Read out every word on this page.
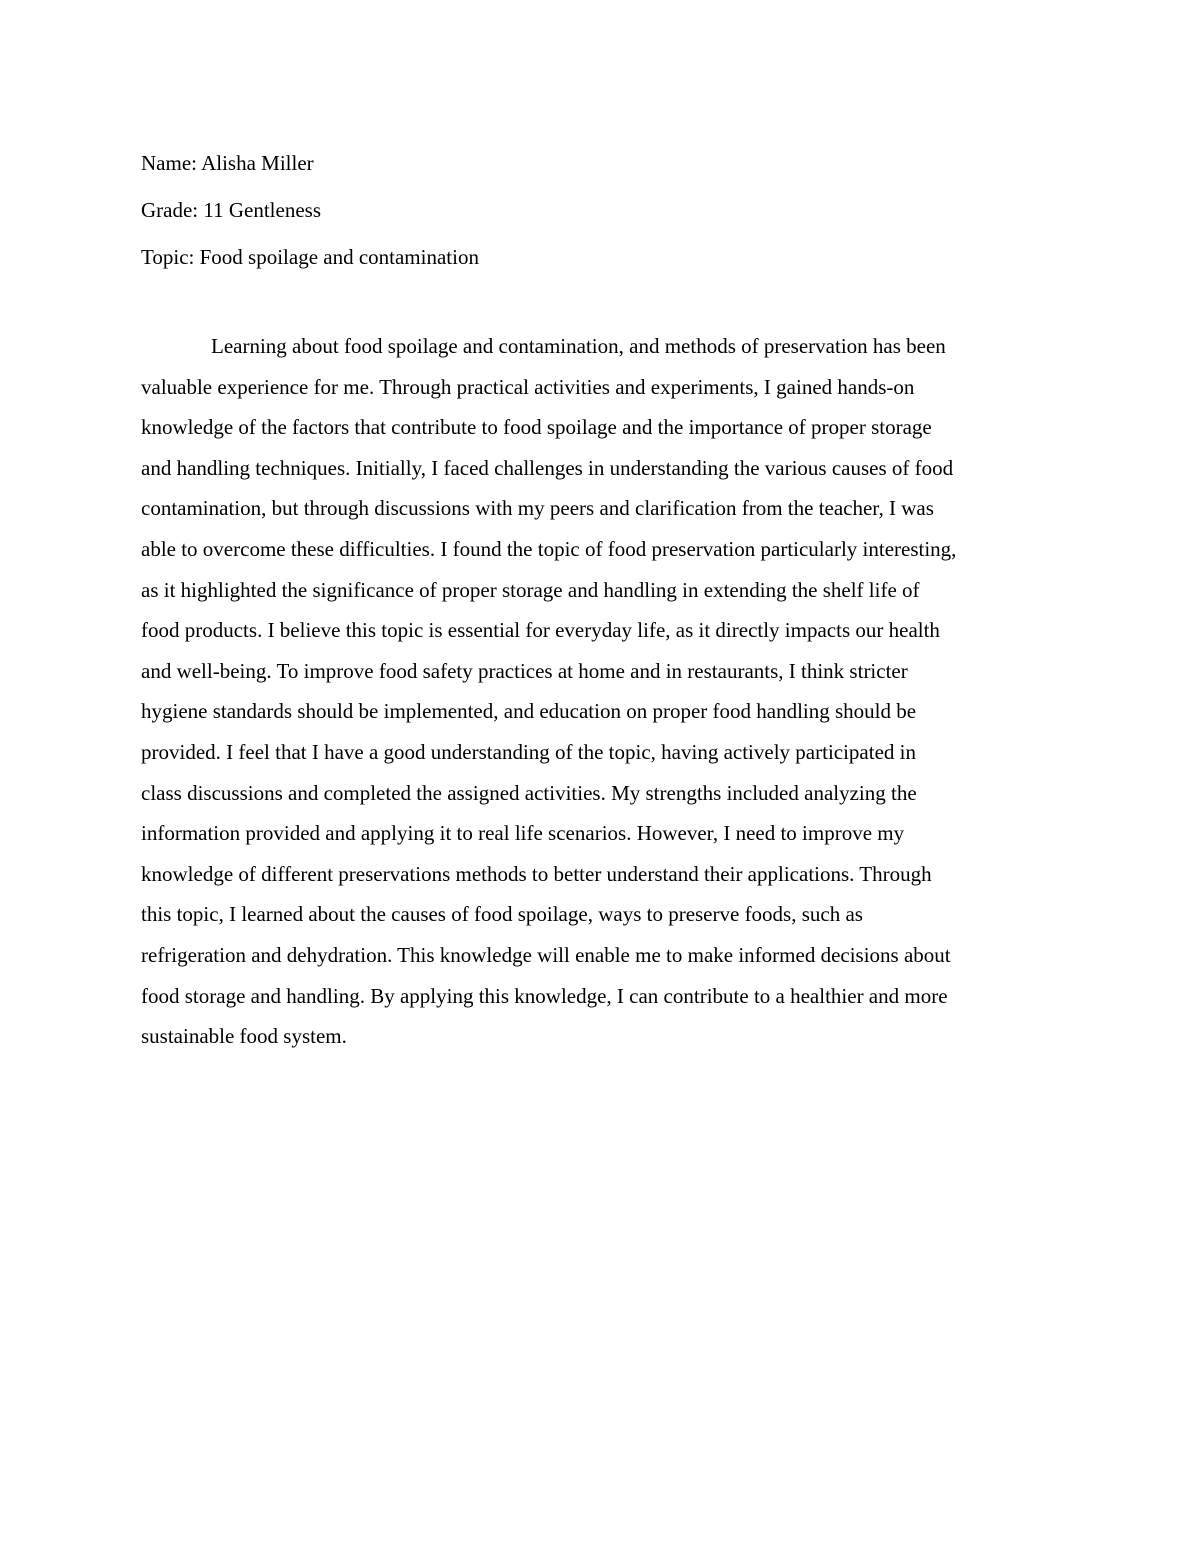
Name: Alisha Miller

Grade: 11 Gentleness

Topic: Food spoilage and contamination

Learning about food spoilage and contamination, and methods of preservation has been

valuable experience for me. Through practical activities and experiments, I gained hands-on

knowledge of the factors that contribute to food spoilage and the importance of proper storage

and handling techniques. Initially, I faced challenges in understanding the various causes of food

contamination, but through discussions with my peers and clarification from the teacher, I was

able to overcome these difficulties. I found the topic of food preservation particularly interesting,

as it highlighted the significance of proper storage and handling in extending the shelf life of

food products. I believe this topic is essential for everyday life, as it directly impacts our health

and well-being. To improve food safety practices at home and in restaurants, I think stricter

hygiene standards should be implemented, and education on proper food handling should be

provided. I feel that I have a good understanding of the topic, having actively participated in

class discussions and completed the assigned activities. My strengths included analyzing the

information provided and applying it to real life scenarios. However, I need to improve my

knowledge of different preservations methods to better understand their applications. Through

this topic, I learned about the causes of food spoilage, ways to preserve foods, such as

refrigeration and dehydration. This knowledge will enable me to make informed decisions about

food storage and handling. By applying this knowledge, I can contribute to a healthier and more

sustainable food system.
